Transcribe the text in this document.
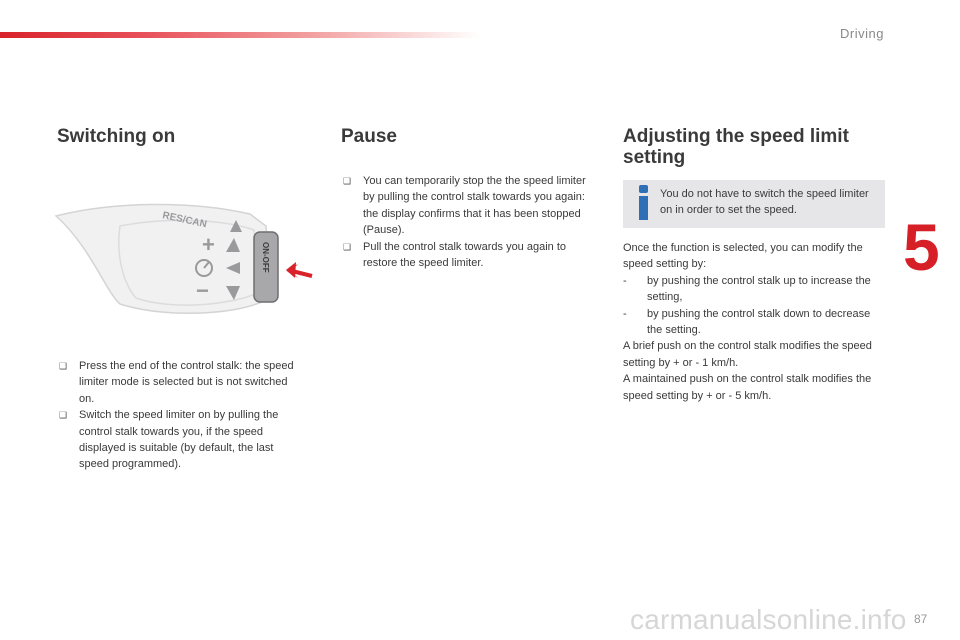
Driving
5
Switching on
❑ Press the end of the control stalk: the speed limiter mode is selected but is not switched on.
❑ Switch the speed limiter on by pulling the control stalk towards you, if the speed displayed is suitable (by default, the last speed programmed).
RES/CAN
+
−
ON-OFF
Pause
❑ You can temporarily stop the the speed limiter by pulling the control stalk towards you again: the display confirms that it has been stopped (Pause).
❑ Pull the control stalk towards you again to restore the speed limiter.
Adjusting the speed limit
setting
You do not have to switch the speed limiter on in order to set the speed.
Once the function is selected, you can modify the speed setting by:
- by pushing the control stalk up to increase the setting,
- by pushing the control stalk down to decrease the setting.
A brief push on the control stalk modifies the speed setting by + or - 1 km/h.
A maintained push on the control stalk modifies the speed setting by + or - 5 km/h.
carmanualsonline.info 87
